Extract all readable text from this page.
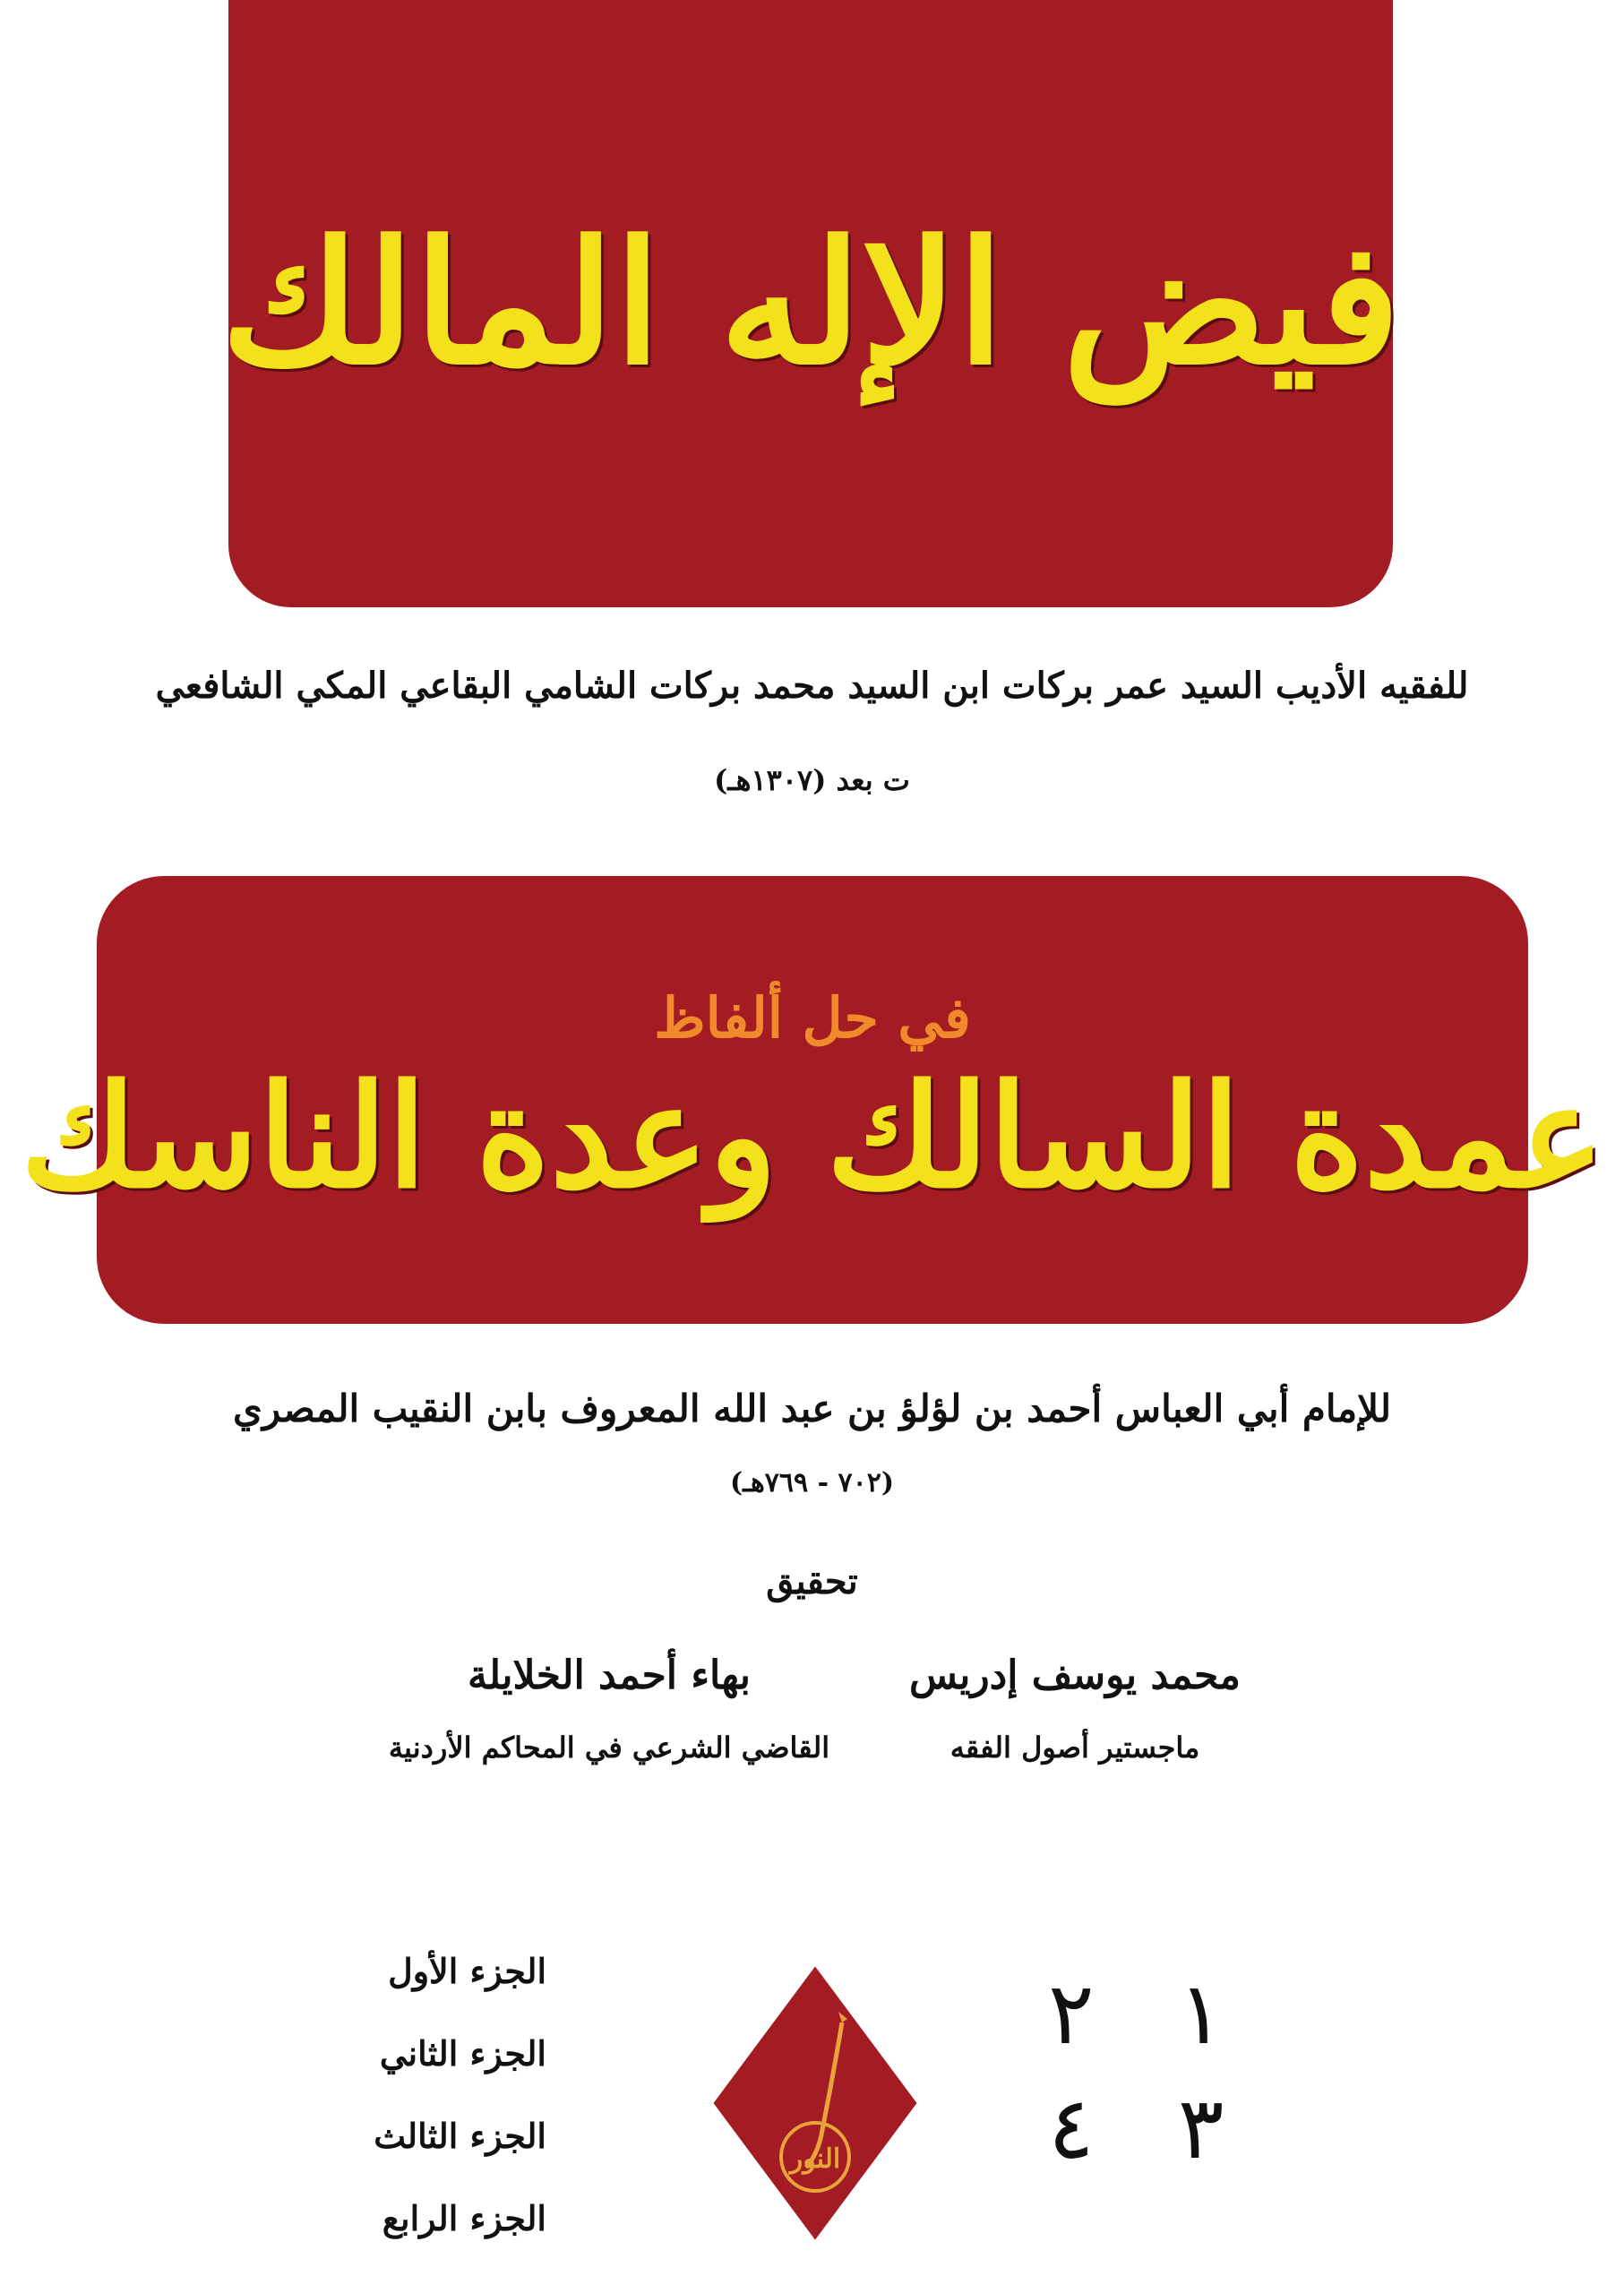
فيض الإله المالك
للفقيه الأديب السيد عمر بركات ابن السيد محمد بركات الشامي البقاعي المكي الشافعي
ت بعد (١٣٠٧هـ)
في حل ألفاظ
عمدة السالك وعدة الناسك
للإمام أبي العباس أحمد بن لؤلؤ بن عبد الله المعروف بابن النقيب المصري
(٧٠٢ - ٧٦٩هـ)
تحقيق
محمد يوسف إدريس
ماجستير أصول الفقه
بهاء أحمد الخلايلة
القاضي الشرعي في المحاكم الأردنية
الجزء الأول
الجزء الثاني
الجزء الثالث
الجزء الرابع
النور
١
٢
٣
٤
